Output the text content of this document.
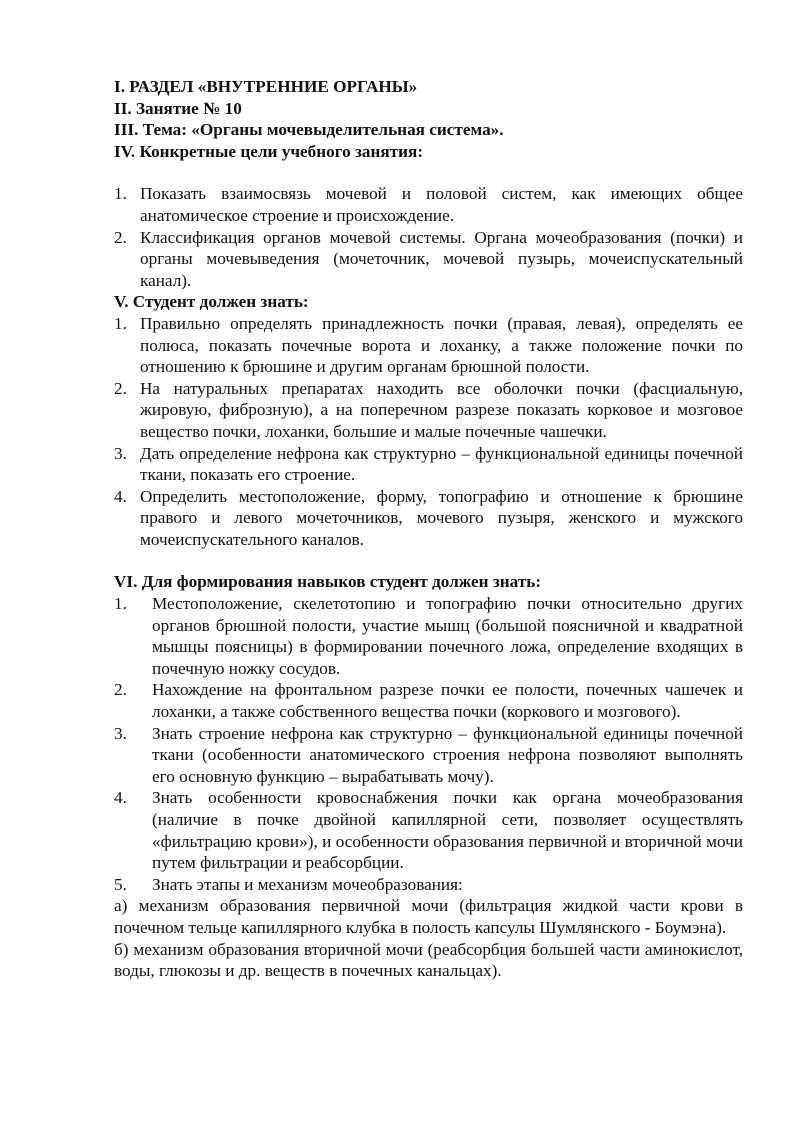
I. РАЗДЕЛ «ВНУТРЕННИЕ ОРГАНЫ»

II. Занятие № 10

III. Тема: «Органы мочевыделительная система».

IV. Конкретные цели учебного занятия:

1. Показать взаимосвязь мочевой и половой систем, как имеющих общее анатомическое строение и происхождение.
2. Классификация органов мочевой системы. Органа мочеобразования (почки) и органы мочевыведения (мочеточник, мочевой пузырь, мочеиспускательный канал).

V. Студент должен знать:

1. Правильно определять принадлежность почки (правая, левая), определять ее полюса, показать почечные ворота и лоханку, а также положение почки по отношению к брюшине и другим органам брюшной полости.
2. На натуральных препаратах находить все оболочки почки (фасциальную, жировую, фиброзную), а на поперечном разрезе показать корковое и мозговое вещество почки, лоханки, большие и малые почечные чашечки.
3. Дать определение нефрона как структурно – функциональной единицы почечной ткани, показать его строение.
4. Определить местоположение, форму, топографию и отношение к брюшине правого и левого мочеточников, мочевого пузыря, женского и мужского мочеиспускательного каналов.

VI. Для формирования навыков студент должен знать:

1.	Местоположение, скелетотопию и топографию почки относительно других органов брюшной полости, участие мышц (большой поясничной и квадратной мышцы поясницы) в формировании почечного ложа, определение входящих в почечную ножку сосудов.
2.	Нахождение на фронтальном разрезе почки ее полости, почечных чашечек и лоханки, а также собственного вещества почки (коркового и мозгового).
3.	Знать строение нефрона как структурно – функциональной единицы почечной ткани (особенности анатомического строения нефрона позволяют выполнять его основную функцию – вырабатывать мочу).
4.	Знать особенности кровоснабжения почки как органа мочеобразования (наличие в почке двойной капиллярной сети, позволяет осуществлять «фильтрацию крови»), и особенности образования первичной и вторичной мочи путем фильтрации и реабсорбции.
5.	Знать этапы и механизм мочеобразования:

а) механизм образования первичной мочи (фильтрация жидкой части крови в почечном тельце капиллярного клубка в полость капсулы Шумлянского - Боумэна).

б) механизм образования вторичной мочи (реабсорбция большей части аминокислот, воды, глюкозы и др. веществ в почечных канальцах).
